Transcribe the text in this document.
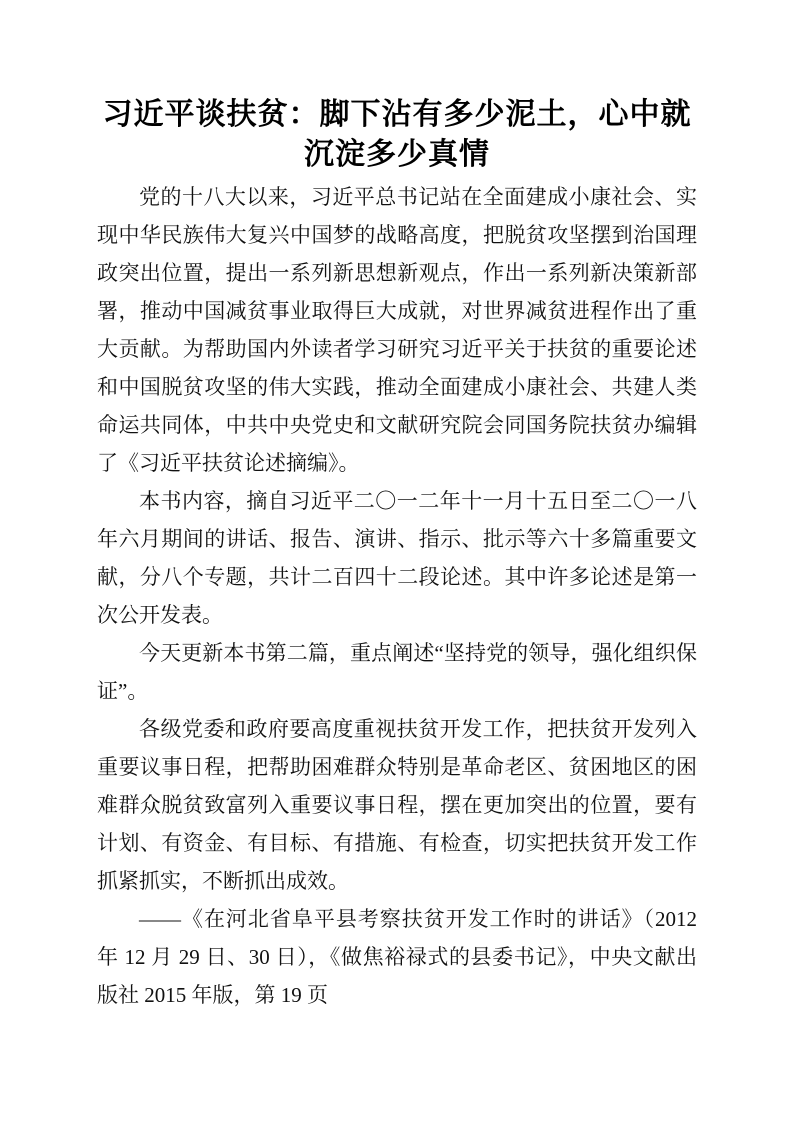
习近平谈扶贫：脚下沾有多少泥土，心中就沉淀多少真情

党的十八大以来，习近平总书记站在全面建成小康社会、实现中华民族伟大复兴中国梦的战略高度，把脱贫攻坚摆到治国理政突出位置，提出一系列新思想新观点，作出一系列新决策新部署，推动中国减贫事业取得巨大成就，对世界减贫进程作出了重大贡献。为帮助国内外读者学习研究习近平关于扶贫的重要论述和中国脱贫攻坚的伟大实践，推动全面建成小康社会、共建人类命运共同体，中共中央党史和文献研究院会同国务院扶贫办编辑了《习近平扶贫论述摘编》。

本书内容，摘自习近平二〇一二年十一月十五日至二〇一八年六月期间的讲话、报告、演讲、指示、批示等六十多篇重要文献，分八个专题，共计二百四十二段论述。其中许多论述是第一次公开发表。

今天更新本书第二篇，重点阐述“坚持党的领导，强化组织保证”。

各级党委和政府要高度重视扶贫开发工作，把扶贫开发列入重要议事日程，把帮助困难群众特别是革命老区、贫困地区的困难群众脱贫致富列入重要议事日程，摆在更加突出的位置，要有计划、有资金、有目标、有措施、有检查，切实把扶贫开发工作抓紧抓实，不断抓出成效。

——《在河北省阜平县考察扶贫开发工作时的讲话》（2012 年 12 月 29 日、30 日），《做焦裕禄式的县委书记》，中央文献出版社 2015 年版，第 19 页
